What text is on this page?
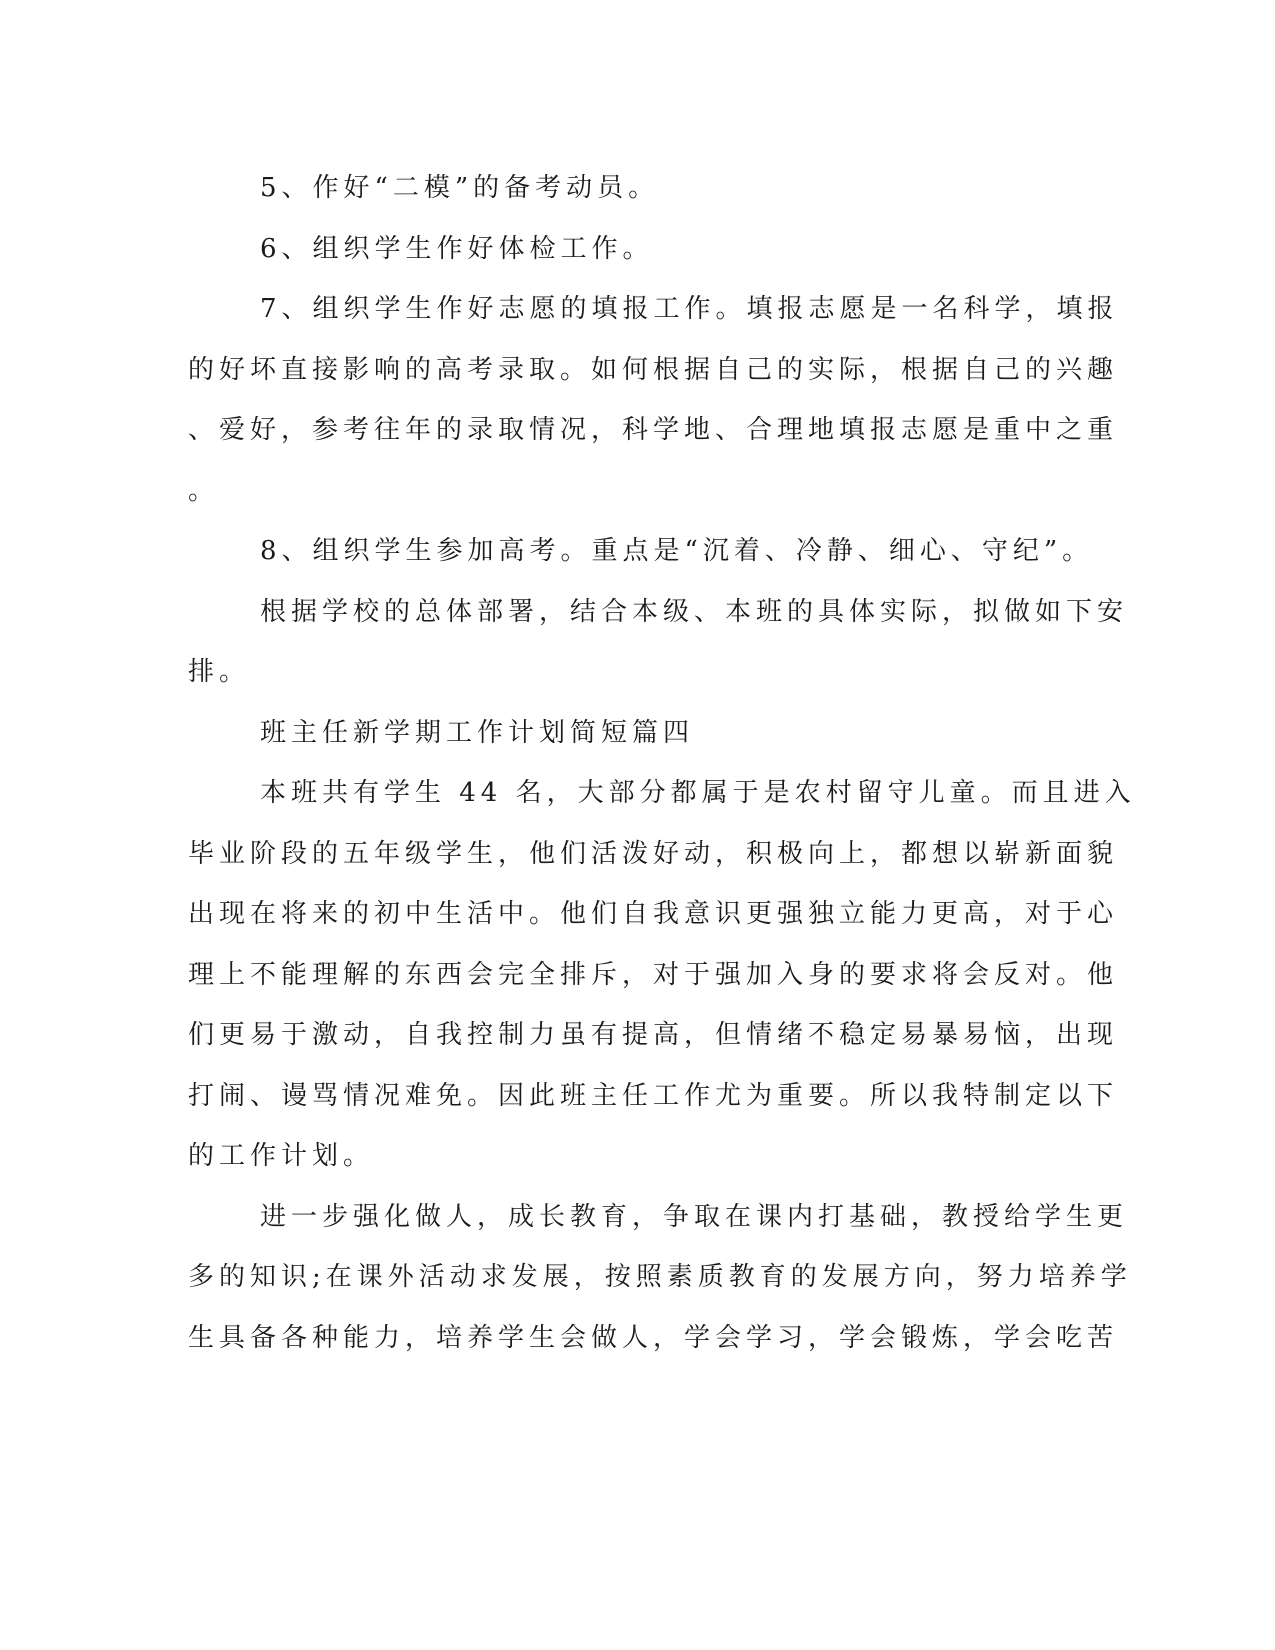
5、作好“二模”的备考动员。

6、组织学生作好体检工作。

7、组织学生作好志愿的填报工作。填报志愿是一名科学，填报

的好坏直接影响的高考录取。如何根据自己的实际，根据自己的兴趣

、爱好，参考往年的录取情况，科学地、合理地填报志愿是重中之重

。

8、组织学生参加高考。重点是“沉着、冷静、细心、守纪”。

根据学校的总体部署，结合本级、本班的具体实际，拟做如下安

排。

班主任新学期工作计划简短篇四

本班共有学生 44 名，大部分都属于是农村留守儿童。而且进入

毕业阶段的五年级学生，他们活泼好动，积极向上，都想以崭新面貌

出现在将来的初中生活中。他们自我意识更强独立能力更高，对于心

理上不能理解的东西会完全排斥，对于强加入身的要求将会反对。他

们更易于激动，自我控制力虽有提高，但情绪不稳定易暴易恼，出现

打闹、谩骂情况难免。因此班主任工作尤为重要。所以我特制定以下

的工作计划。

进一步强化做人，成长教育，争取在课内打基础，教授给学生更

多的知识;在课外活动求发展，按照素质教育的发展方向，努力培养学

生具备各种能力，培养学生会做人，学会学习，学会锻炼，学会吃苦
